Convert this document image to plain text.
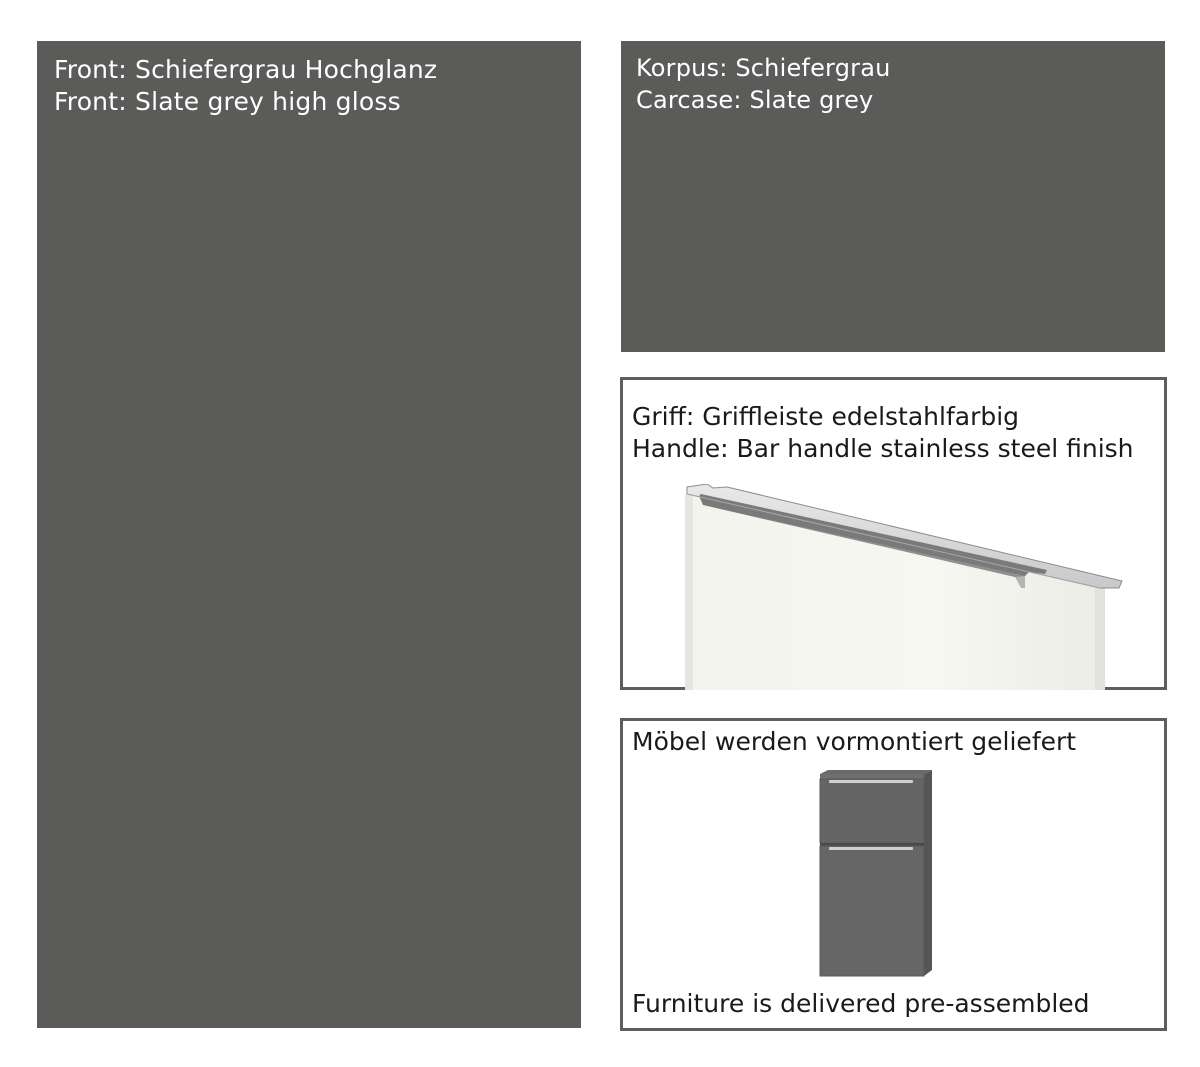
Front: Schiefergrau Hochglanz
Front: Slate grey high gloss
Korpus: Schiefergrau
Carcase: Slate grey
Griff: Griffleiste edelstahlfarbig
Handle: Bar handle stainless steel finish
Möbel werden vormontiert geliefert
Furniture is delivered pre-assembled
